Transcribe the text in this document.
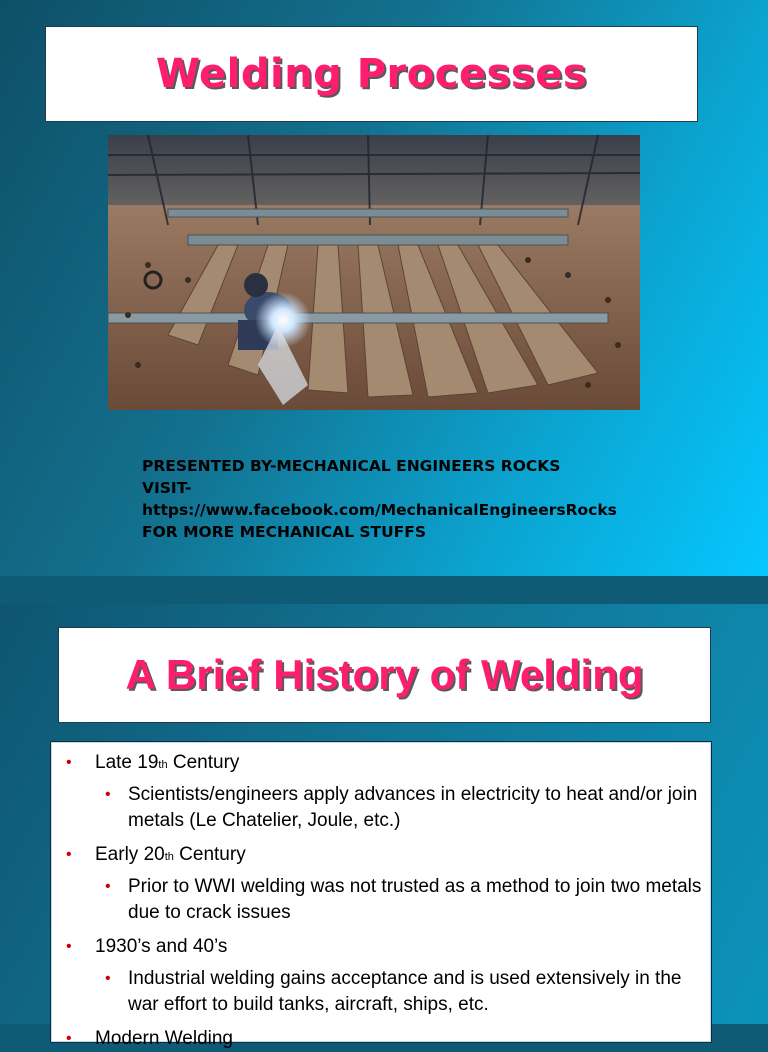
Welding Processes
PRESENTED BY-MECHANICAL ENGINEERS ROCKS
VISIT-
https://www.facebook.com/MechanicalEngineersRocks
FOR MORE MECHANICAL STUFFS
A Brief History of Welding
• Late 19th Century
• Scientists/engineers apply advances in electricity to heat and/or join metals (Le Chatelier, Joule, etc.)
• Early 20th Century
• Prior to WWI welding was not trusted as a method to join two metals due to crack issues
• 1930’s and 40’s
• Industrial welding gains acceptance and is used extensively in the war effort to build tanks, aircraft, ships, etc.
• Modern Welding
